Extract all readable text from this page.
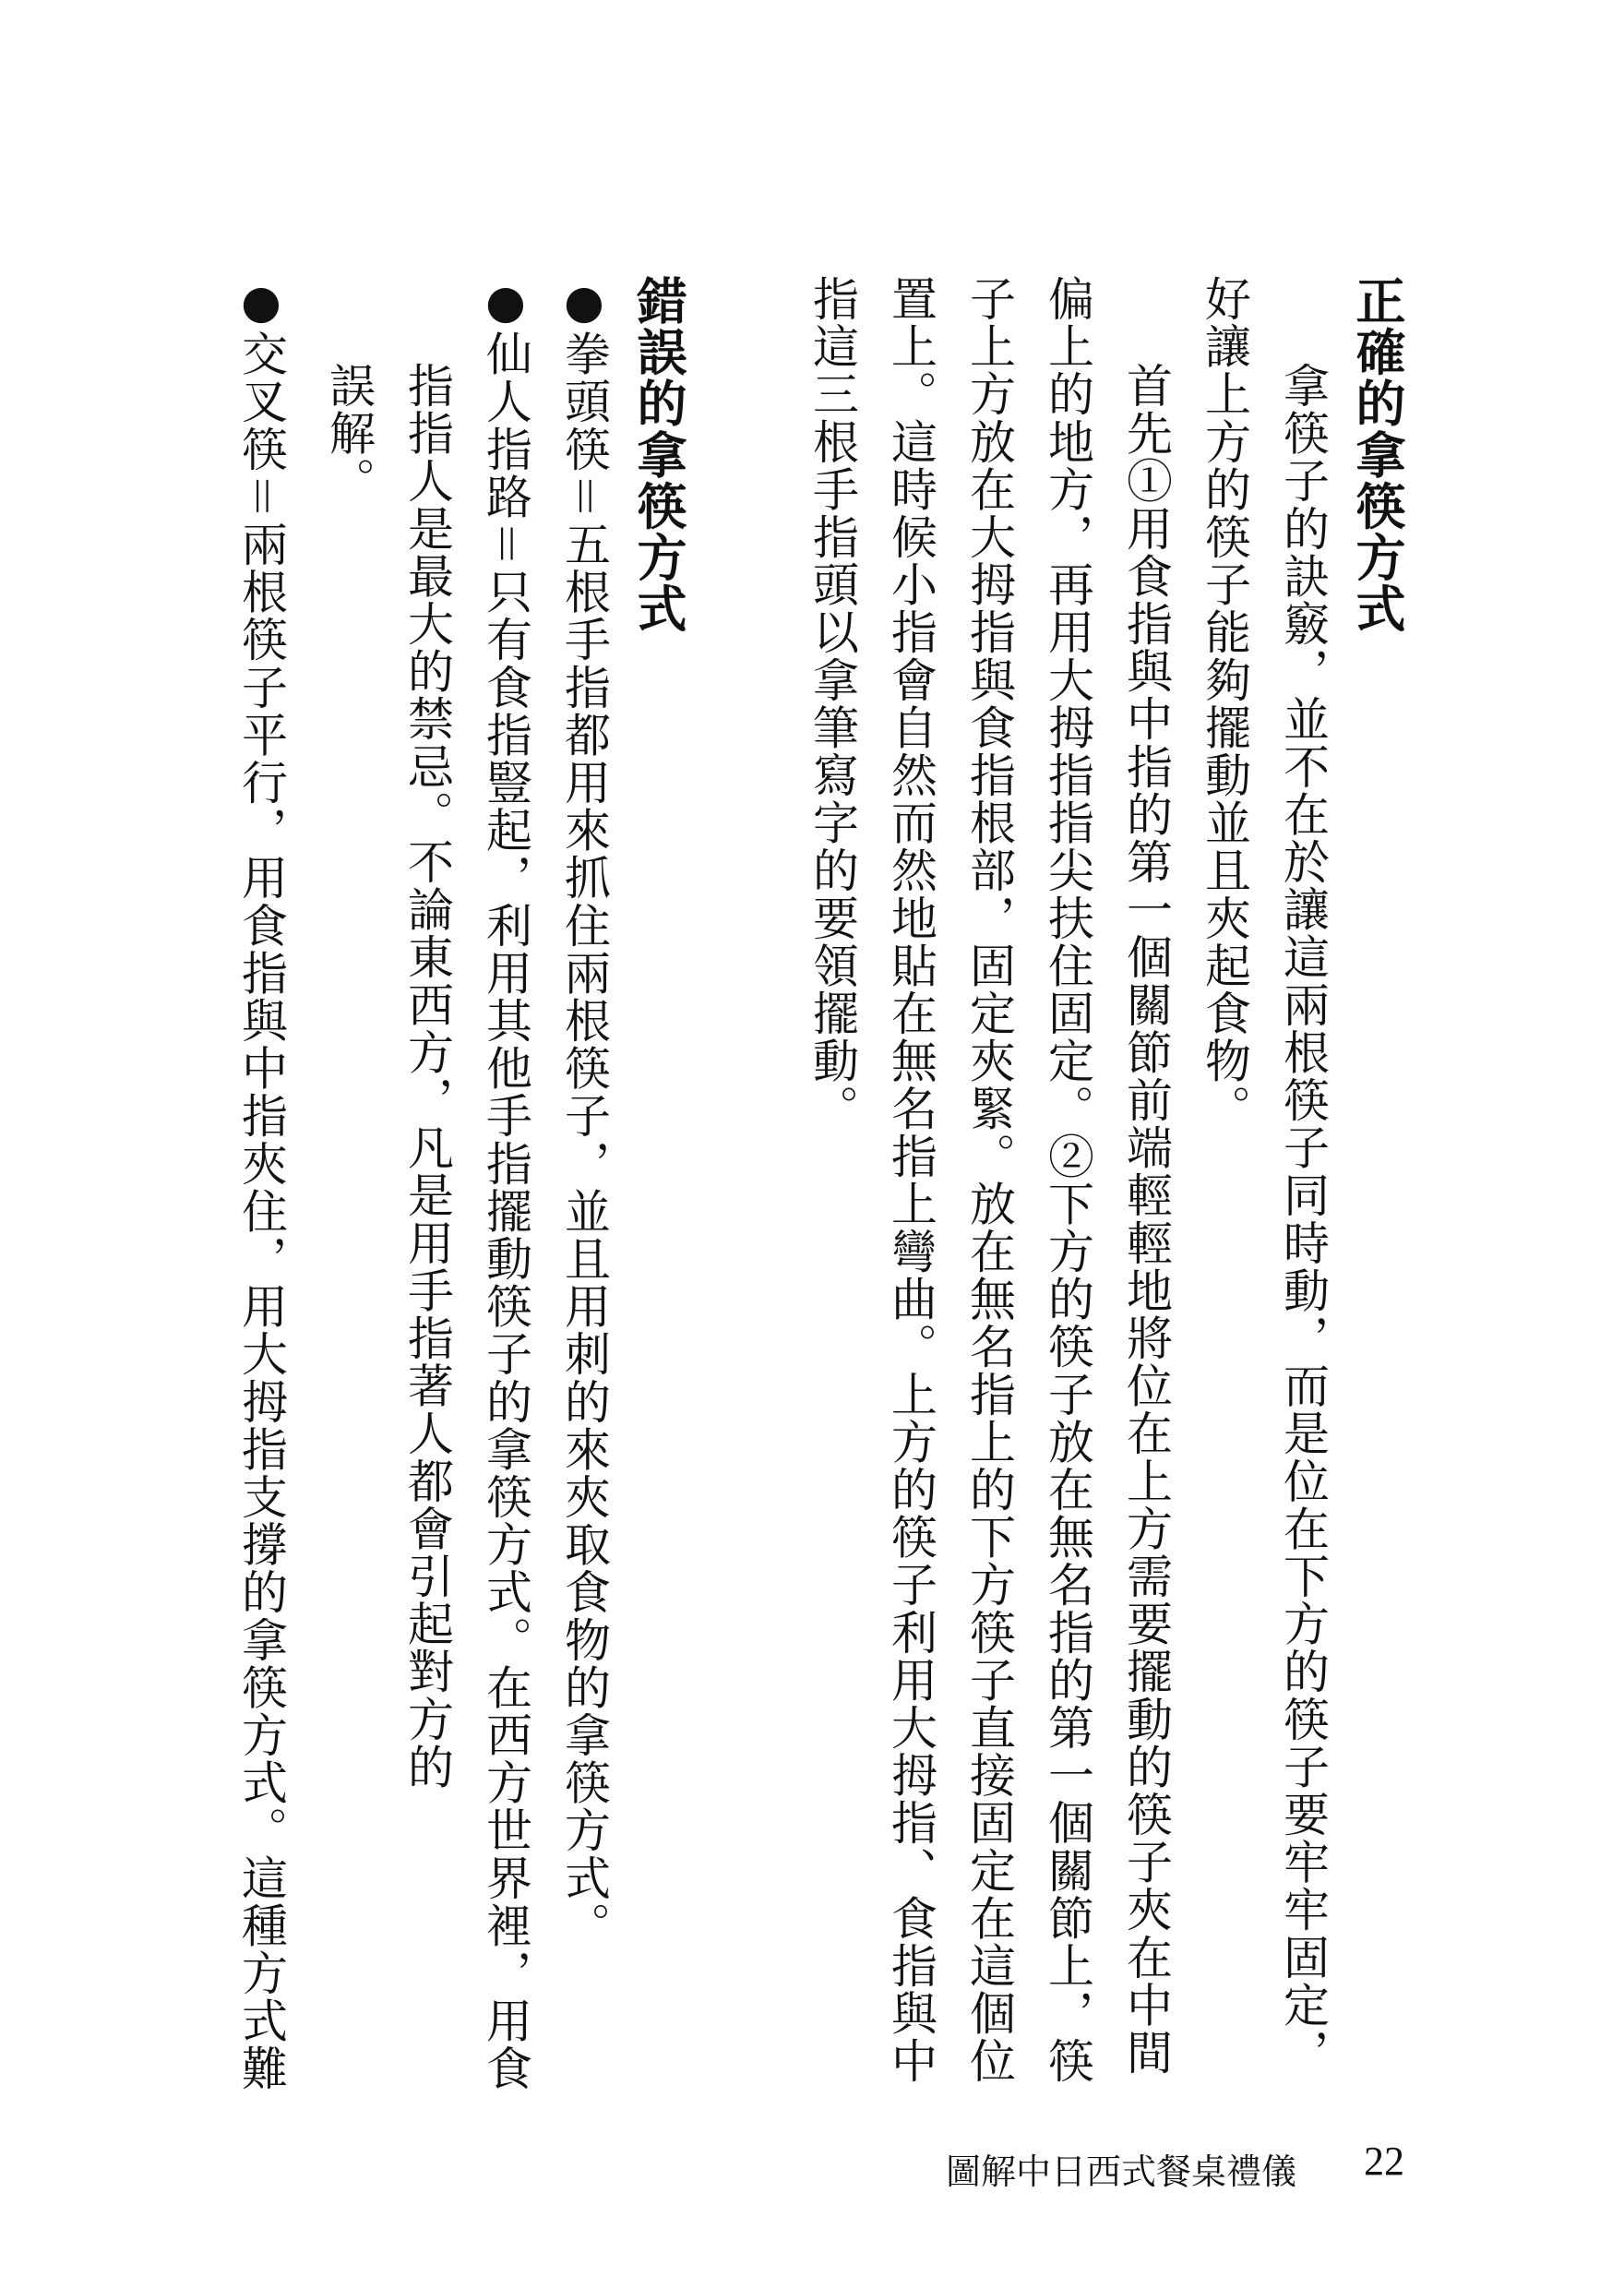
正確的拿筷方式
拿筷子的訣竅，並不在於讓這兩根筷子同時動，而是位在下方的筷子要牢牢固定，
好讓上方的筷子能夠擺動並且夾起食物。
首先①用食指與中指的第一個關節前端輕輕地將位在上方需要擺動的筷子夾在中間
偏上的地方，再用大拇指指尖扶住固定。②下方的筷子放在無名指的第一個關節上，筷
子上方放在大拇指與食指根部，固定夾緊。放在無名指上的下方筷子直接固定在這個位
置上。這時候小指會自然而然地貼在無名指上彎曲。上方的筷子利用大拇指、食指與中
指這三根手指頭以拿筆寫字的要領擺動。
錯誤的拿筷方式
●拳頭筷＝五根手指都用來抓住兩根筷子，並且用刺的來夾取食物的拿筷方式。
●仙人指路＝只有食指豎起，利用其他手指擺動筷子的拿筷方式。在西方世界裡，用食
指指人是最大的禁忌。不論東西方，凡是用手指著人都會引起對方的
誤解。
●交叉筷＝兩根筷子平行，用食指與中指夾住，用大拇指支撐的拿筷方式。這種方式難
圖解中日西式餐桌禮儀 22
